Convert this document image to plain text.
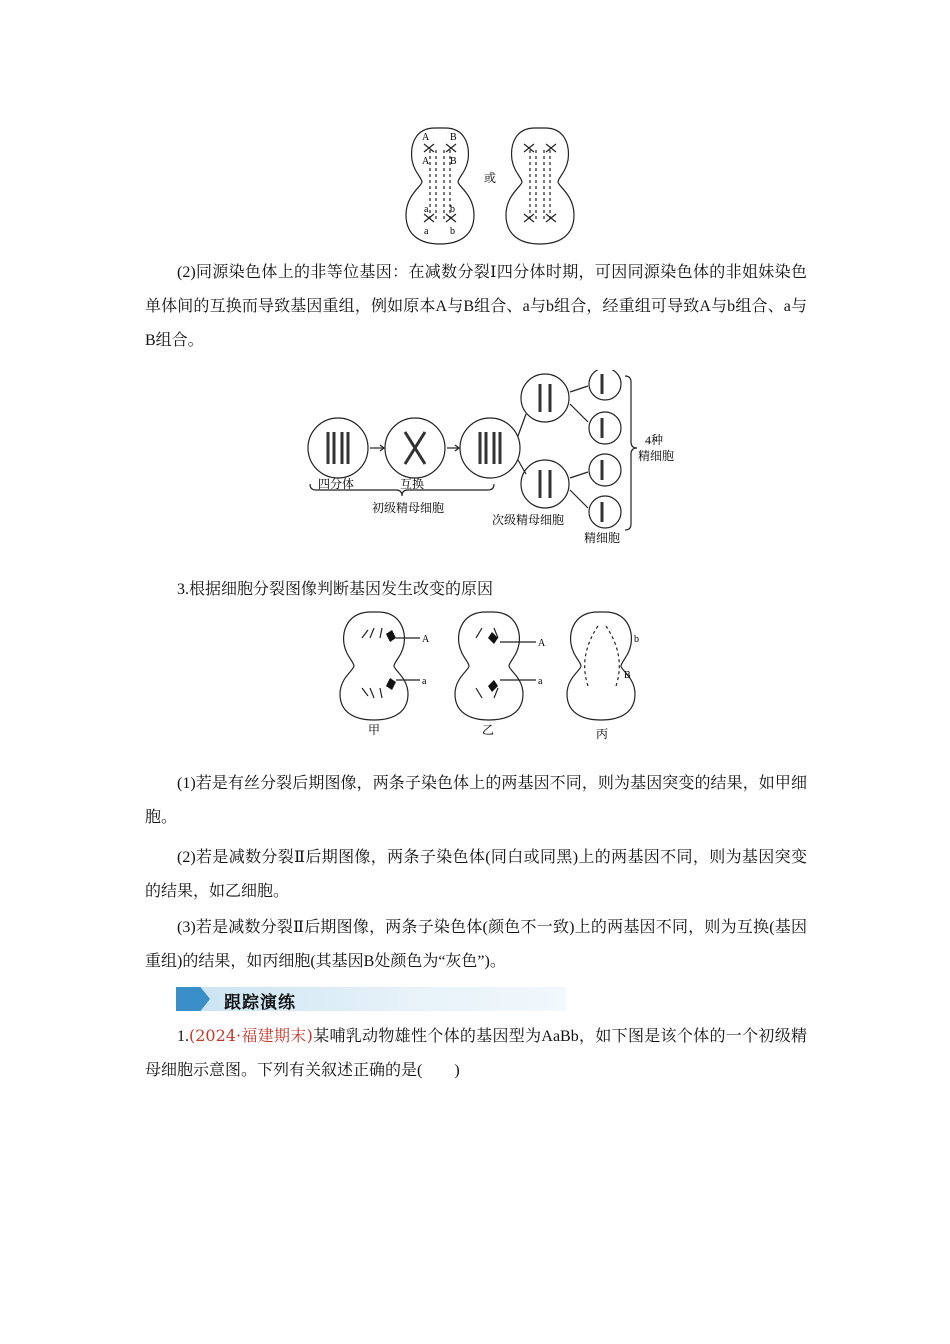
A B
A B
a b
a b
或

(2)同源染色体上的非等位基因：在减数分裂Ⅰ四分体时期，可因同源染色体的非姐妹染色单体间的互换而导致基因重组，例如原本A与B组合、a与b组合，经重组可导致A与b组合、a与B组合。

四分体	互换
初级精母细胞
次级精母细胞
精细胞
4种
精细胞

3.根据细胞分裂图像判断基因发生改变的原因

A
a
A
a
b
B
甲	乙	丙

(1)若是有丝分裂后期图像，两条子染色体上的两基因不同，则为基因突变的结果，如甲细胞。

(2)若是减数分裂Ⅱ后期图像，两条子染色体(同白或同黑)上的两基因不同，则为基因突变的结果，如乙细胞。

(3)若是减数分裂Ⅱ后期图像，两条子染色体(颜色不一致)上的两基因不同，则为互换(基因重组)的结果，如丙细胞(其基因B处颜色为“灰色”)。

跟踪演练

1.(2024·福建期末)某哺乳动物雄性个体的基因型为AaBb，如下图是该个体的一个初级精母细胞示意图。下列有关叙述正确的是(　　)
